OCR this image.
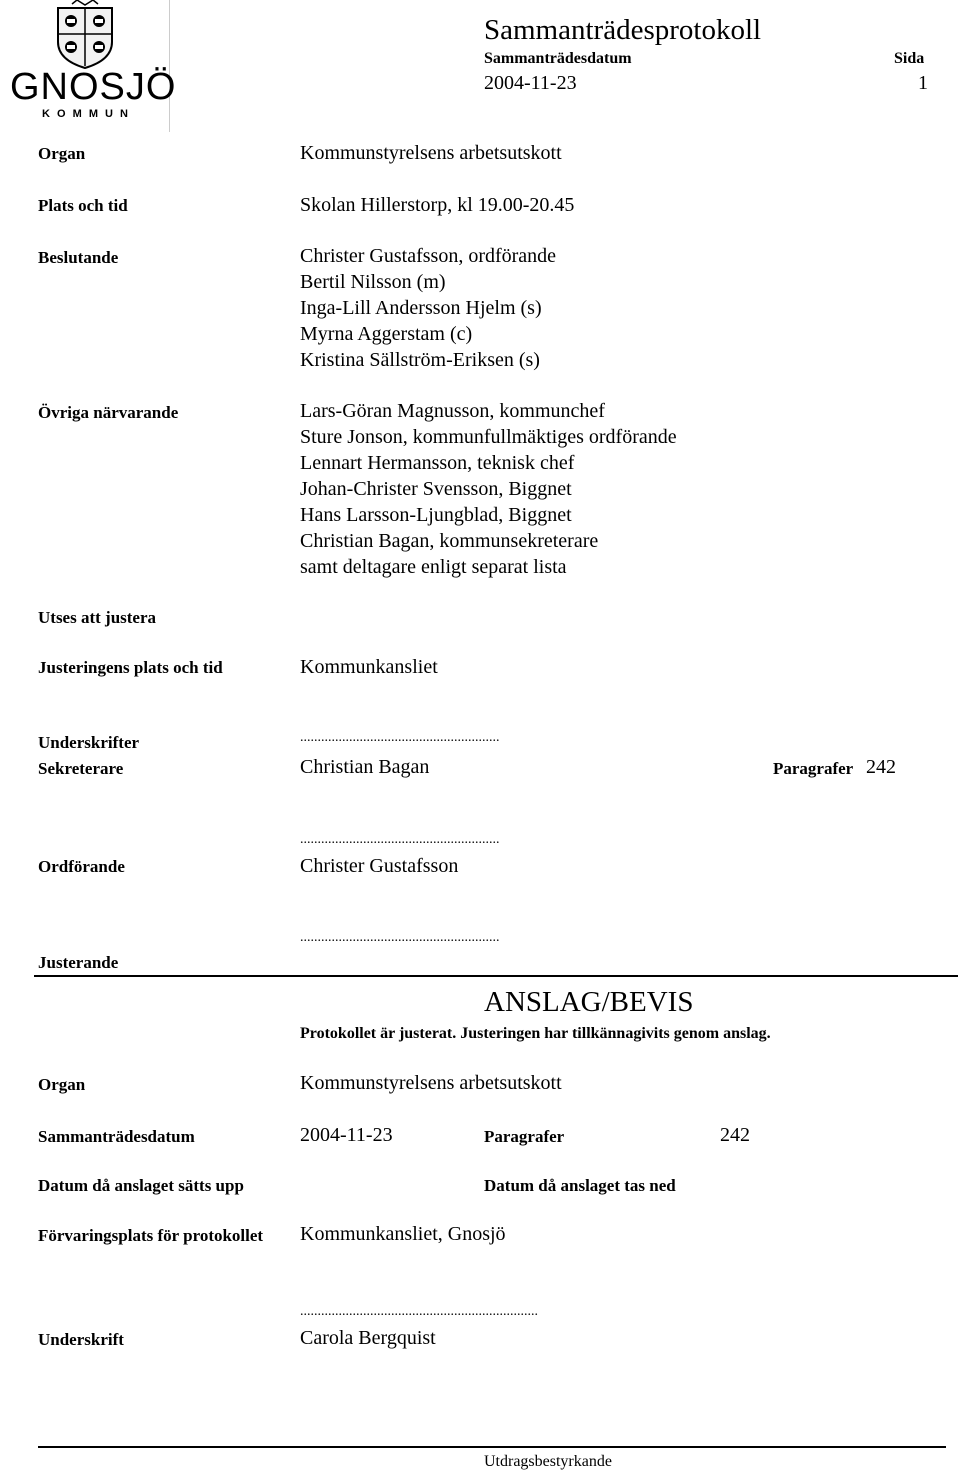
GNOSJÖ
K O M M U N
Sammanträdesprotokoll
Sammanträdesdatum	Sida
2004-11-23	1
Organ	Kommunstyrelsens arbetsutskott
Plats och tid	Skolan Hillerstorp, kl 19.00-20.45
Beslutande	Christer Gustafsson, ordförande
Bertil Nilsson (m)
Inga-Lill Andersson Hjelm (s)
Myrna Aggerstam (c)
Kristina Sällström-Eriksen (s)
Övriga närvarande	Lars-Göran Magnusson, kommunchef
Sture Jonson, kommunfullmäktiges ordförande
Lennart Hermansson, teknisk chef
Johan-Christer Svensson, Biggnet
Hans Larsson-Ljungblad, Biggnet
Christian Bagan, kommunsekreterare
samt deltagare enligt separat lista
Utses att justera
Justeringens plats och tid	Kommunkansliet
Underskrifter	.........................................................
Sekreterare	Christian Bagan	Paragrafer 242
.........................................................
Ordförande	Christer Gustafsson
.........................................................
Justerande
ANSLAG/BEVIS
Protokollet är justerat. Justeringen har tillkännagivits genom anslag.
Organ	Kommunstyrelsens arbetsutskott
Sammanträdesdatum	2004-11-23	Paragrafer	242
Datum då anslaget sätts upp	Datum då anslaget tas ned
Förvaringsplats för protokollet Kommunkansliet, Gnosjö
....................................................................
Underskrift	Carola Bergquist
Utdragsbestyrkande
